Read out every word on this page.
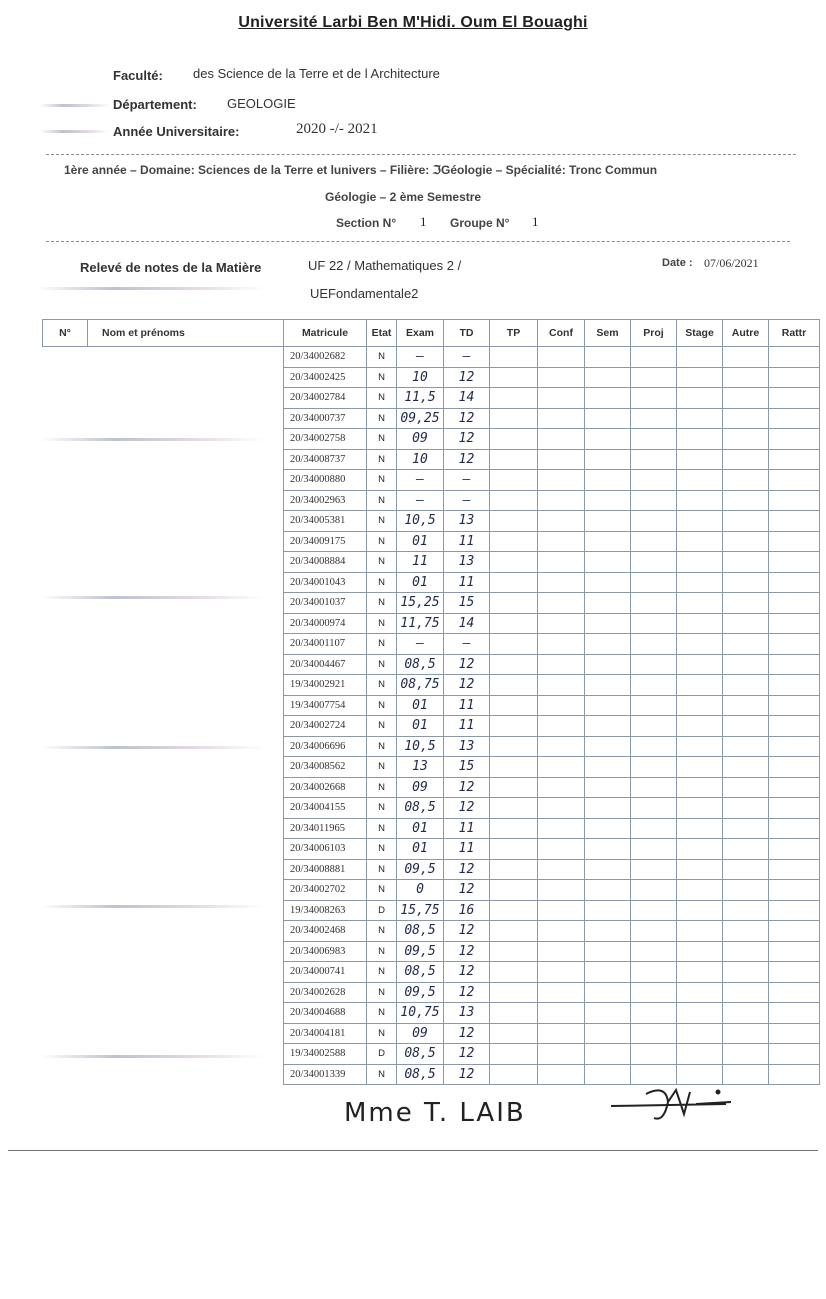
Université Larbi Ben M'Hidi. Oum El Bouaghi
Faculté: des Science de la Terre et de l Architecture
Département: GEOLOGIE
Année Universitaire:	2020 -/- 2021
1ère année – Domaine: Sciences de la Terre et lunivers – Filière: ℑGéologie – Spécialité: Tronc Commun
Géologie – 2 ème Semestre
Section N° 1 Groupe N° 1
Relevé de notes de la Matière	UF 22 / Mathematiques 2 /
UEFondamentale2
Date : 07/06/2021
N°	Nom et prénoms	Matricule	Etat	Exam	TD	TP	Conf	Sem	Proj	Stage	Autre	Rattr
		20/34002682	N	—	–							
		20/34002425	N	10	12							
		20/34002784	N	11,5	14							
		20/34000737	N	09,25	12							
		20/34002758	N	09	12							
		20/34008737	N	10	12							
		20/34000880	N	–	—							
		20/34002963	N	–	—							
		20/34005381	N	10,5	13							
		20/34009175	N	01	11							
		20/34008884	N	11	13							
		20/34001043	N	01	11							
		20/34001037	N	15,25	15							
		20/34000974	N	11,75	14							
		20/34001107	N	–	—							
		20/34004467	N	08,5	12							
		19/34002921	N	08,75	12							
		19/34007754	N	01	11							
		20/34002724	N	01	11							
		20/34006696	N	10,5	13							
		20/34008562	N	13	15							
		20/34002668	N	09	12							
		20/34004155	N	08,5	12							
		20/34011965	N	01	11							
		20/34006103	N	01	11							
		20/34008881	N	09,5	12							
		20/34002702	N	0	12							
		19/34008263	D	15,75	16							
		20/34002468	N	08,5	12							
		20/34006983	N	09,5	12							
		20/34000741	N	08,5	12							
		20/34002628	N	09,5	12							
		20/34004688	N	10,75	13							
		20/34004181	N	09	12							
		19/34002588	D	08,5	12							
		20/34001339	N	08,5	12							
Mme T. LAIB
